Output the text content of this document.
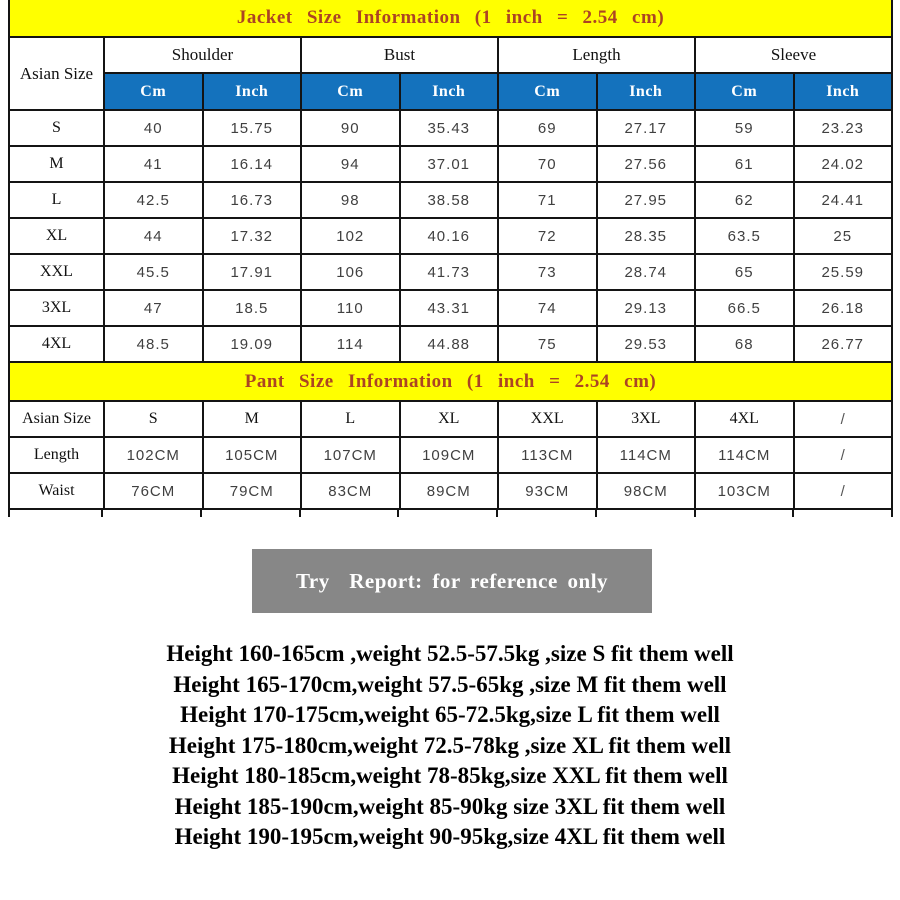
Jacket Size Information (1 inch = 2.54 cm)
Asian Size	Shoulder		Bust		Length		Sleeve	
	Cm	Inch	Cm	Inch	Cm	Inch	Cm	Inch
S	40	15.75	90	35.43	69	27.17	59	23.23
M	41	16.14	94	37.01	70	27.56	61	24.02
L	42.5	16.73	98	38.58	71	27.95	62	24.41
XL	44	17.32	102	40.16	72	28.35	63.5	25
XXL	45.5	17.91	106	41.73	73	28.74	65	25.59
3XL	47	18.5	110	43.31	74	29.13	66.5	26.18
4XL	48.5	19.09	114	44.88	75	29.53	68	26.77
Pant Size Information (1 inch = 2.54 cm)
Asian Size	S	M	L	XL	XXL	3XL	4XL	/
Length	102CM	105CM	107CM	109CM	113CM	114CM	114CM	/
Waist	76CM	79CM	83CM	89CM	93CM	98CM	103CM	/
Try  Report: for reference only
Height 160-165cm ,weight 52.5-57.5kg ,size S fit them well
Height 165-170cm,weight 57.5-65kg ,size M fit them well
Height 170-175cm,weight 65-72.5kg,size L fit them well
Height 175-180cm,weight 72.5-78kg ,size XL fit them well
Height 180-185cm,weight 78-85kg,size XXL fit them well
Height 185-190cm,weight 85-90kg size 3XL fit them well
Height 190-195cm,weight 90-95kg,size 4XL fit them well
